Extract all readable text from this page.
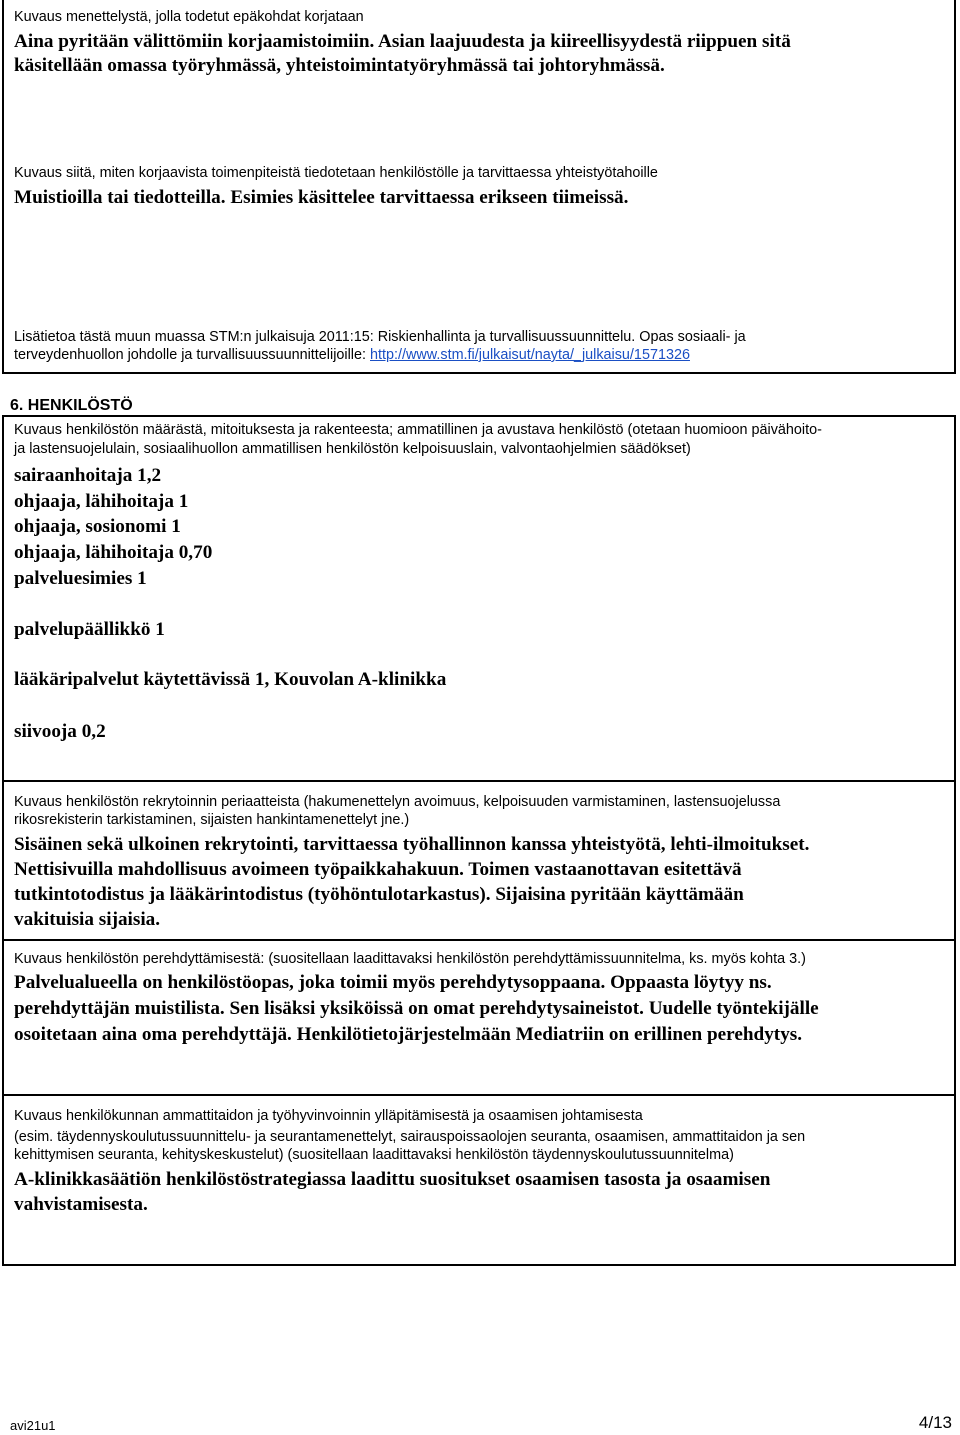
Kuvaus menettelystä, jolla todetut epäkohdat korjataan

Aina pyritään välittömiin korjaamistoimiin. Asian laajuudesta ja kiireellisyydestä riippuen sitä

käsitellään omassa työryhmässä, yhteistoimintatyöryhmässä tai johtoryhmässä.

Kuvaus siitä, miten korjaavista toimenpiteistä tiedotetaan henkilöstölle ja tarvittaessa yhteistyötahoille

Muistioilla tai tiedotteilla. Esimies käsittelee tarvittaessa erikseen tiimeissä.

Lisätietoa tästä muun muassa STM:n julkaisuja 2011:15: Riskienhallinta ja turvallisuussuunnittelu. Opas sosiaali- ja

terveydenhuollon johdolle ja turvallisuussuunnittelijoille: http://www.stm.fi/julkaisut/nayta/_julkaisu/1571326

6. HENKILÖSTÖ

Kuvaus henkilöstön määrästä, mitoituksesta ja rakenteesta; ammatillinen ja avustava henkilöstö (otetaan huomioon päivähoito-

ja lastensuojelulain, sosiaalihuollon ammatillisen henkilöstön kelpoisuuslain, valvontaohjelmien säädökset)

sairaanhoitaja 1,2

ohjaaja, lähihoitaja 1

ohjaaja, sosionomi 1

ohjaaja, lähihoitaja 0,70

palveluesimies 1

palvelupäällikkö 1

lääkäripalvelut käytettävissä 1, Kouvolan A-klinikka

siivooja 0,2

Kuvaus henkilöstön rekrytoinnin periaatteista (hakumenettelyn avoimuus, kelpoisuuden varmistaminen, lastensuojelussa

rikosrekisterin tarkistaminen, sijaisten hankintamenettelyt jne.)

Sisäinen sekä ulkoinen rekrytointi, tarvittaessa työhallinnon kanssa yhteistyötä, lehti-ilmoitukset.

Nettisivuilla mahdollisuus avoimeen työpaikkahakuun. Toimen vastaanottavan esitettävä

tutkintotodistus ja lääkärintodistus (työhöntulotarkastus). Sijaisina pyritään käyttämään

vakituisia sijaisia.

Kuvaus henkilöstön perehdyttämisestä: (suositellaan laadittavaksi henkilöstön perehdyttämissuunnitelma, ks. myös kohta 3.)

Palvelualueella on henkilöstöopas, joka toimii myös perehdytysoppaana. Oppaasta löytyy ns.

perehdyttäjän muistilista. Sen lisäksi yksiköissä on omat perehdytysaineistot. Uudelle työntekijälle

osoitetaan aina oma perehdyttäjä. Henkilötietojärjestelmään Mediatriin on erillinen perehdytys.

Kuvaus henkilökunnan ammattitaidon ja työhyvinvoinnin ylläpitämisestä ja osaamisen johtamisesta

(esim. täydennyskoulutussuunnittelu- ja seurantamenettelyt, sairauspoissaolojen seuranta, osaamisen, ammattitaidon ja sen

kehittymisen seuranta, kehityskeskustelut) (suositellaan laadittavaksi henkilöstön täydennyskoulutussuunnitelma)

A-klinikkasäätiön henkilöstöstrategiassa laadittu suositukset osaamisen tasosta ja osaamisen

vahvistamisesta.

avi21u1	4/13
